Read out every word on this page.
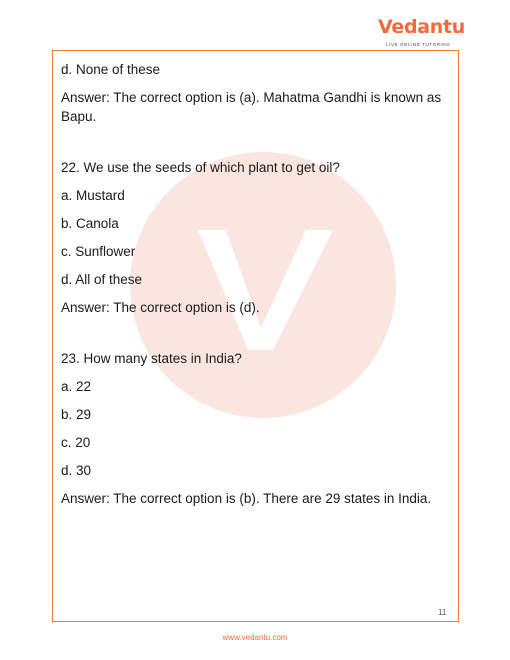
Vedantu
LIVE ONLINE TUTORING

d. None of these

Answer: The correct option is (a). Mahatma Gandhi is known as Bapu.

22. We use the seeds of which plant to get oil?

a. Mustard

b. Canola

c. Sunflower

d. All of these

Answer: The correct option is (d).

23. How many states in India?

a. 22

b. 29

c. 20

d. 30

Answer: The correct option is (b). There are 29 states in India.

11
www.vedantu.com
